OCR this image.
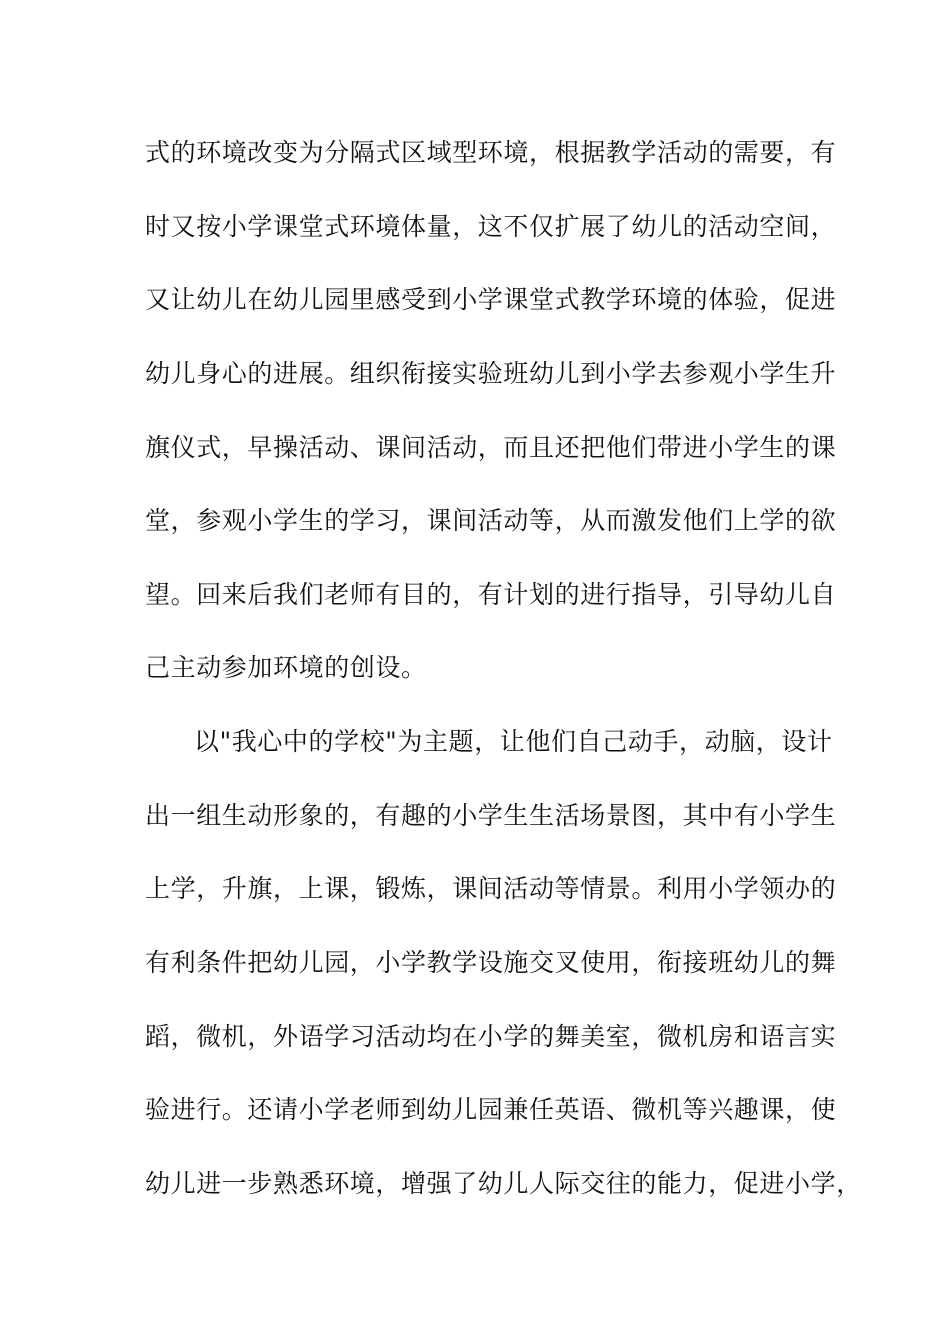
式的环境改变为分隔式区域型环境，根据教学活动的需要，有
时又按小学课堂式环境体量，这不仅扩展了幼儿的活动空间，
又让幼儿在幼儿园里感受到小学课堂式教学环境的体验，促进
幼儿身心的进展。组织衔接实验班幼儿到小学去参观小学生升
旗仪式，早操活动、课间活动，而且还把他们带进小学生的课
堂，参观小学生的学习，课间活动等，从而激发他们上学的欲
望。回来后我们老师有目的，有计划的进行指导，引导幼儿自
己主动参加环境的创设。
以"我心中的学校"为主题，让他们自己动手，动脑，设计
出一组生动形象的，有趣的小学生生活场景图，其中有小学生
上学，升旗，上课，锻炼，课间活动等情景。利用小学领办的
有利条件把幼儿园，小学教学设施交叉使用，衔接班幼儿的舞
蹈，微机，外语学习活动均在小学的舞美室，微机房和语言实
验进行。还请小学老师到幼儿园兼任英语、微机等兴趣课，使
幼儿进一步熟悉环境，增强了幼儿人际交往的能力，促进小学，
